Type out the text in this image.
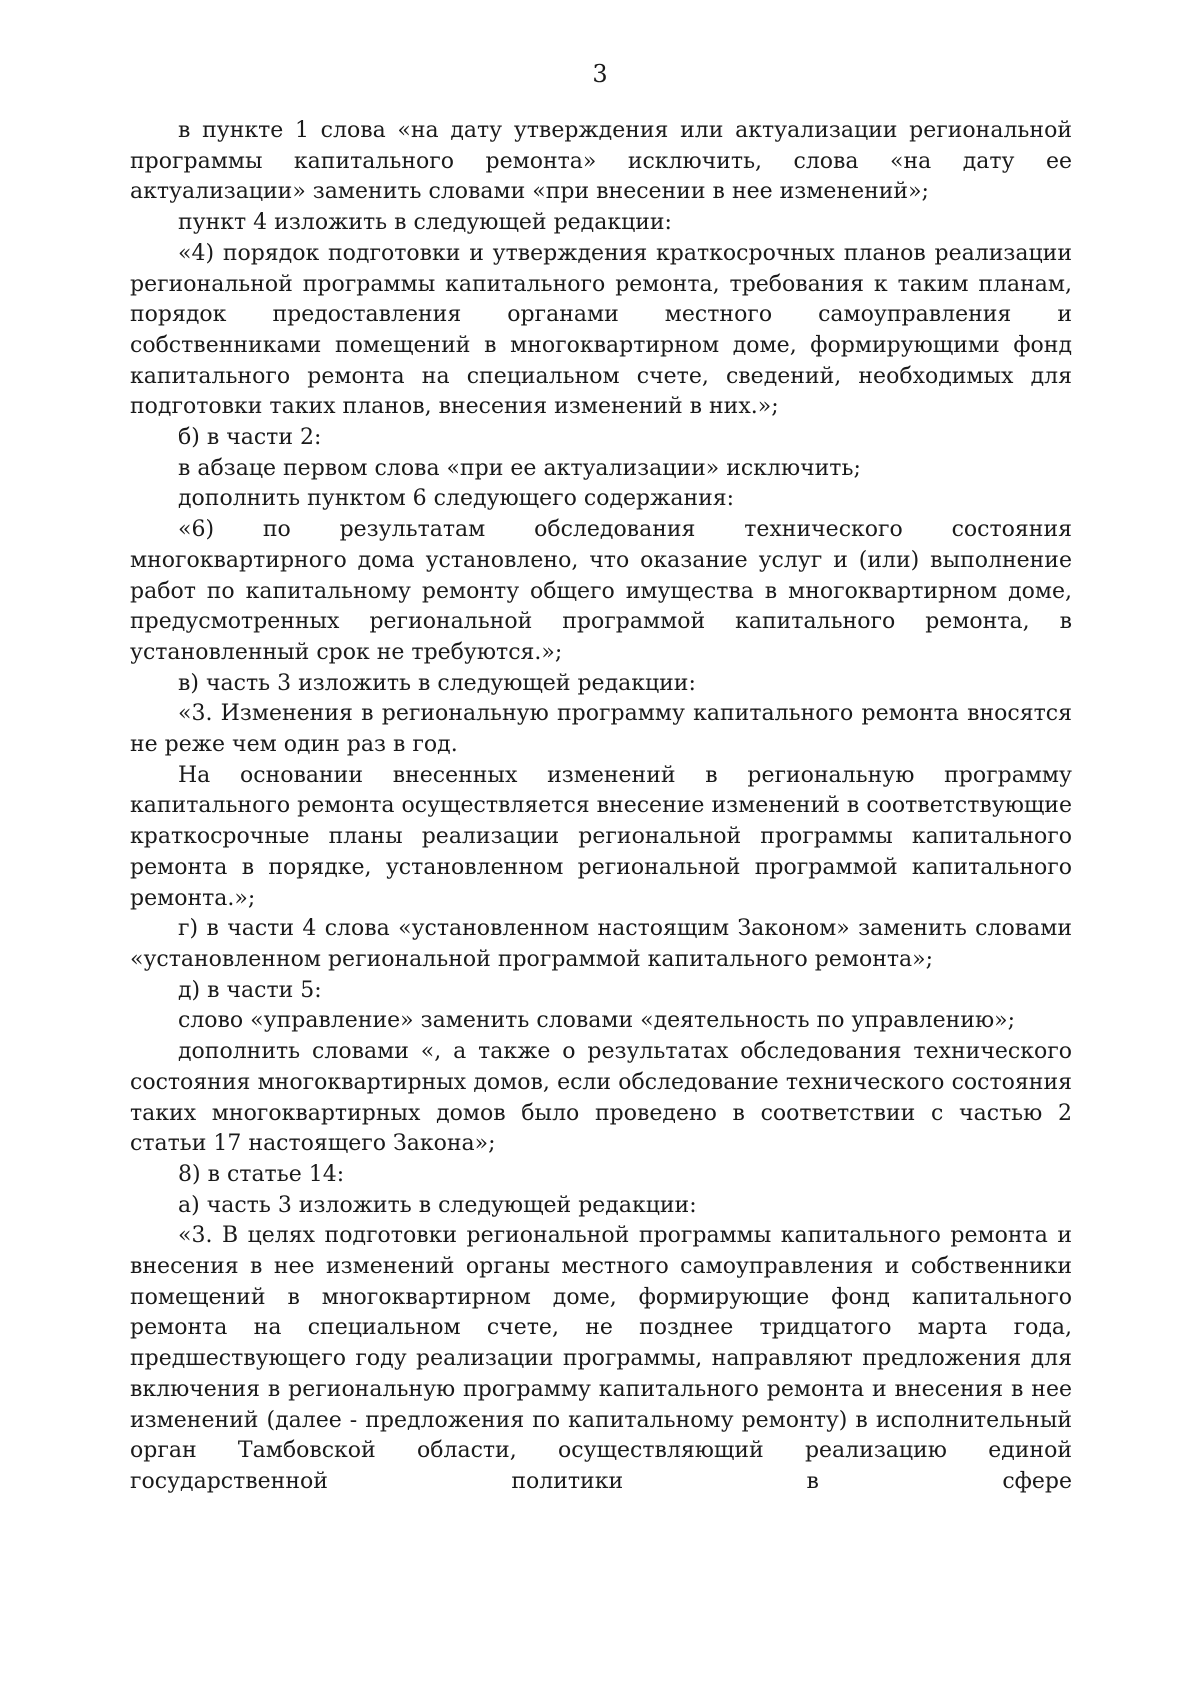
3

в пункте 1 слова «на дату утверждения или актуализации региональной программы капитального ремонта» исключить, слова «на дату ее актуализации» заменить словами «при внесении в нее изменений»;

пункт 4 изложить в следующей редакции:

«4) порядок подготовки и утверждения краткосрочных планов реализации региональной программы капитального ремонта, требования к таким планам, порядок предоставления органами местного самоуправления и собственниками помещений в многоквартирном доме, формирующими фонд капитального ремонта на специальном счете, сведений, необходимых для подготовки таких планов, внесения изменений в них.»;

б) в части 2:

в абзаце первом слова «при ее актуализации» исключить;

дополнить пунктом 6 следующего содержания:

«6) по результатам обследования технического состояния многоквартирного дома установлено, что оказание услуг и (или) выполнение работ по капитальному ремонту общего имущества в многоквартирном доме, предусмотренных региональной программой капитального ремонта, в установленный срок не требуются.»;

в) часть 3 изложить в следующей редакции:

«3. Изменения в региональную программу капитального ремонта вносятся не реже чем один раз в год.

На основании внесенных изменений в региональную программу капитального ремонта осуществляется внесение изменений в соответствующие краткосрочные планы реализации региональной программы капитального ремонта в порядке, установленном региональной программой капитального ремонта.»;

г) в части 4 слова «установленном настоящим Законом» заменить словами «установленном региональной программой капитального ремонта»;

д) в части 5:

слово «управление» заменить словами «деятельность по управлению»;

дополнить словами «, а также о результатах обследования технического состояния многоквартирных домов, если обследование технического состояния таких многоквартирных домов было проведено в соответствии с частью 2 статьи 17 настоящего Закона»;

8) в статье 14:

а) часть 3 изложить в следующей редакции:

«3. В целях подготовки региональной программы капитального ремонта и внесения в нее изменений органы местного самоуправления и собственники помещений в многоквартирном доме, формирующие фонд капитального ремонта на специальном счете, не позднее тридцатого марта года, предшествующего году реализации программы, направляют предложения для включения в региональную программу капитального ремонта и внесения в нее изменений (далее - предложения по капитальному ремонту) в исполнительный орган Тамбовской области, осуществляющий реализацию единой государственной политики в сфере
